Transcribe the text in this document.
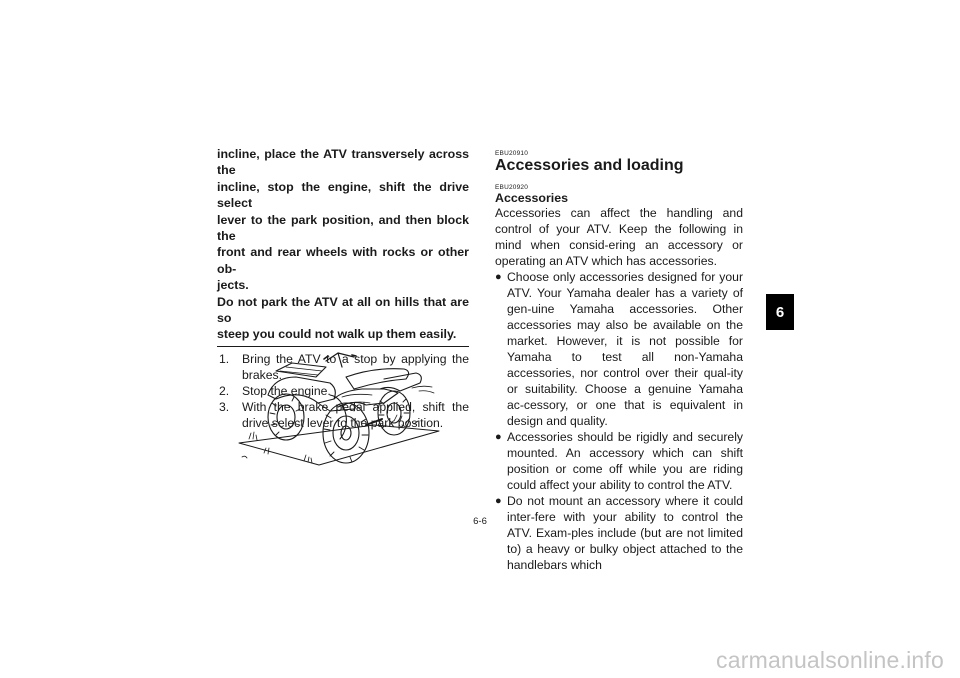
incline, place the ATV transversely across the
incline, stop the engine, shift the drive select
lever to the park position, and then block the
front and rear wheels with rocks or other ob-
jects.
Do not park the ATV at all on hills that are so
steep you could not walk up them easily.

1. Bring the ATV to a stop by applying the brakes.
2. Stop the engine.
3. With the brake pedal applied, shift the drive select lever to the park position.
EBU20910
Accessories and loading
EBU20920
Accessories

Accessories can affect the handling and control of your ATV. Keep the following in mind when consid-ering an accessory or operating an ATV which has accessories.

● Choose only accessories designed for your ATV. Your Yamaha dealer has a variety of gen-uine Yamaha accessories. Other accessories may also be available on the market. However, it is not possible for Yamaha to test all non-Yamaha accessories, nor control over their qual-ity or suitability. Choose a genuine Yamaha ac-cessory, or one that is equivalent in design and quality.
● Accessories should be rigidly and securely mounted. An accessory which can shift position or come off while you are riding could affect your ability to control the ATV.
● Do not mount an accessory where it could inter-fere with your ability to control the ATV. Exam-ples include (but are not limited to) a heavy or bulky object attached to the handlebars which
6
6-6
carmanualsonline.info
